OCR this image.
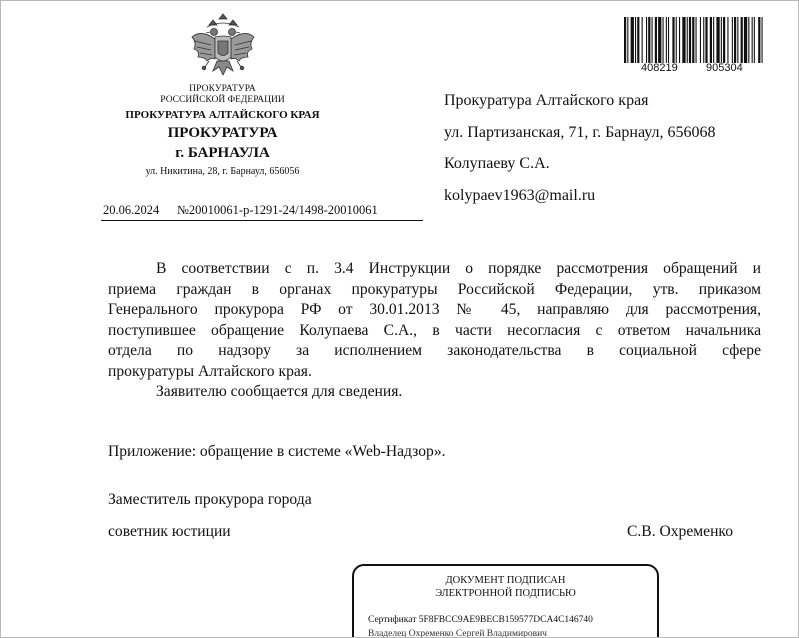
ПРОКУРАТУРА
РОССИЙСКОЙ ФЕДЕРАЦИИ
ПРОКУРАТУРА АЛТАЙСКОГО КРАЯ
ПРОКУРАТУРА
г. БАРНАУЛА
ул. Никитина, 28, г. Барнаул, 656056
20.06.2024 №20010061-р-1291-24/1498-20010061
408219	905304
Прокуратура Алтайского края
ул. Партизанская, 71, г. Барнаул, 656068
Колупаеву С.А.
kolypaev1963@mail.ru
В соответствии с п. 3.4 Инструкции о порядке рассмотрения обращений и
приема граждан в органах прокуратуры Российской Федерации, утв. приказом
Генерального прокурора РФ от 30.01.2013 № 45, направляю для рассмотрения,
поступившее обращение Колупаева С.А., в части несогласия с ответом начальника
отдела по надзору за исполнением законодательства в социальной сфере
прокуратуры Алтайского края.
Заявителю сообщается для сведения.
Приложение: обращение в системе «Web-Надзор».
Заместитель прокурора города
советник юстиции	С.В. Охременко
ДОКУМЕНТ ПОДПИСАН
ЭЛЕКТРОННОЙ ПОДПИСЬЮ
Сертификат 5F8FBCC9AE9BECB159577DCA4C146740
Владелец Охременко Сергей Владимирович
